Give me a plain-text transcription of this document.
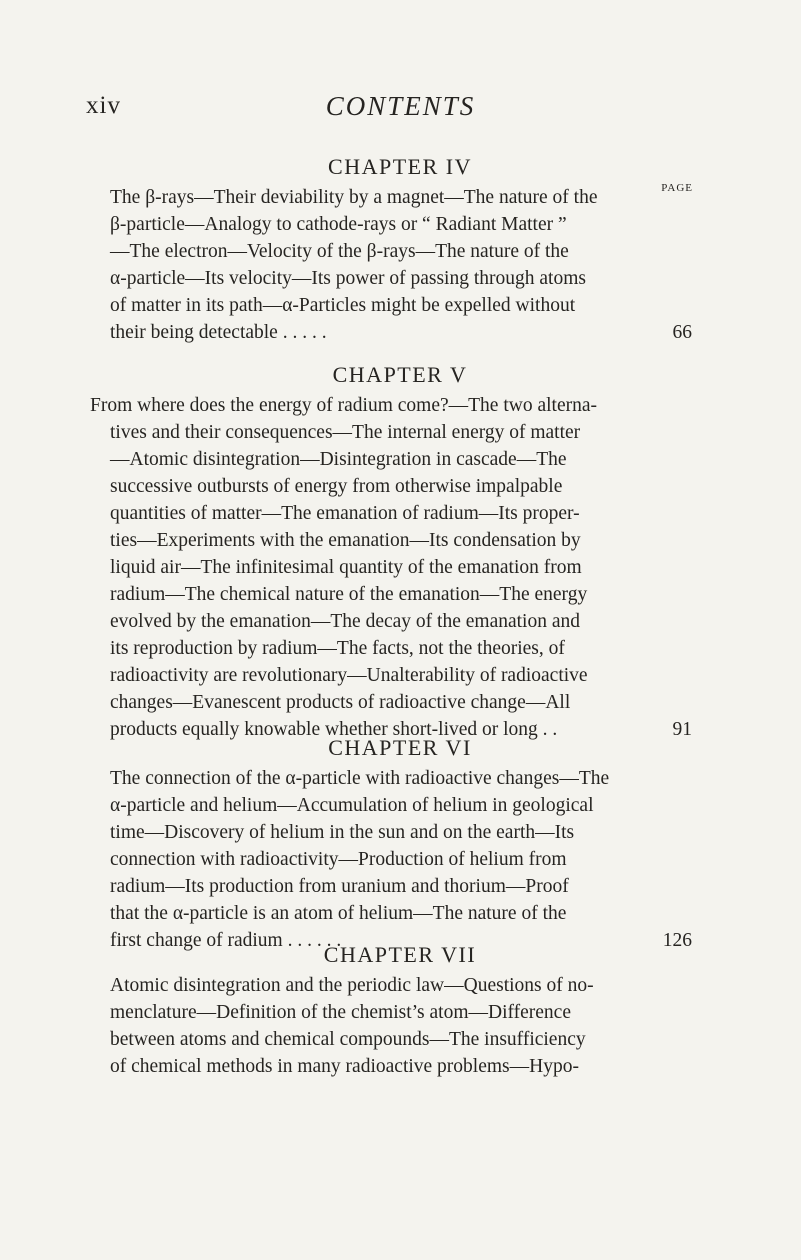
xiv	CONTENTS
CHAPTER IV
PAGE
The β-rays—Their deviability by a magnet—The nature of the
β-particle—Analogy to cathode-rays or “ Radiant Matter ”
—The electron—Velocity of the β-rays—The nature of the
α-particle—Its velocity—Its power of passing through atoms
of matter in its path—α-Particles might be expelled without
their being detectable . . . . .	66
CHAPTER V
From where does the energy of radium come?—The two alterna-
tives and their consequences—The internal energy of matter
—Atomic disintegration—Disintegration in cascade—The
successive outbursts of energy from otherwise impalpable
quantities of matter—The emanation of radium—Its proper-
ties—Experiments with the emanation—Its condensation by
liquid air—The infinitesimal quantity of the emanation from
radium—The chemical nature of the emanation—The energy
evolved by the emanation—The decay of the emanation and
its reproduction by radium—The facts, not the theories, of
radioactivity are revolutionary—Unalterability of radioactive
changes—Evanescent products of radioactive change—All
products equally knowable whether short-lived or long . .	91
CHAPTER VI
The connection of the α-particle with radioactive changes—The
α-particle and helium—Accumulation of helium in geological
time—Discovery of helium in the sun and on the earth—Its
connection with radioactivity—Production of helium from
radium—Its production from uranium and thorium—Proof
that the α-particle is an atom of helium—The nature of the
first change of radium . . . . . .	126
CHAPTER VII
Atomic disintegration and the periodic law—Questions of no-
menclature—Definition of the chemist’s atom—Difference
between atoms and chemical compounds—The insufficiency
of chemical methods in many radioactive problems—Hypo-
